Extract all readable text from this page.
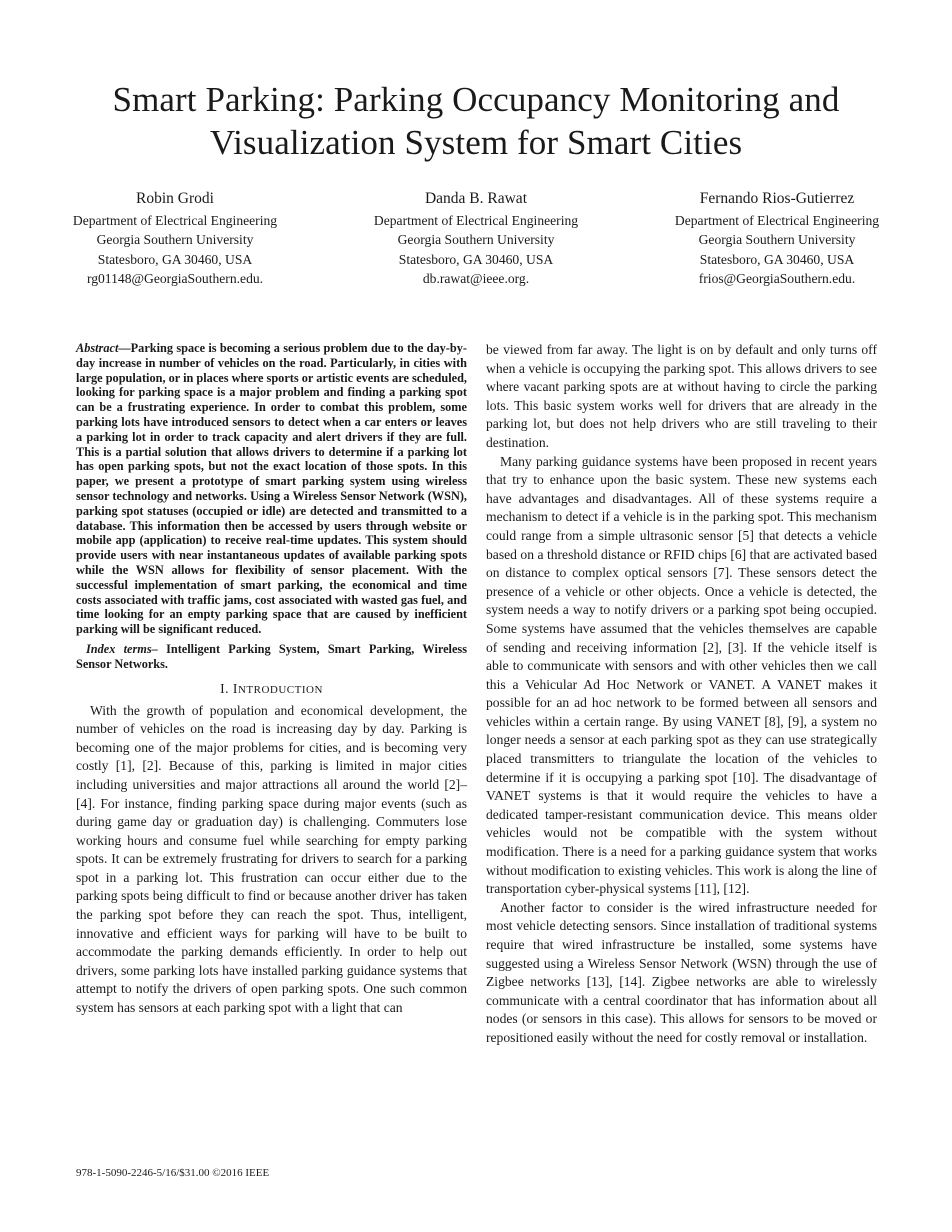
Smart Parking: Parking Occupancy Monitoring and
Visualization System for Smart Cities
Robin Grodi
Department of Electrical Engineering
Georgia Southern University
Statesboro, GA 30460, USA
rg01148@GeorgiaSouthern.edu.
Danda B. Rawat
Department of Electrical Engineering
Georgia Southern University
Statesboro, GA 30460, USA
db.rawat@ieee.org.
Fernando Rios-Gutierrez
Department of Electrical Engineering
Georgia Southern University
Statesboro, GA 30460, USA
frios@GeorgiaSouthern.edu.

Abstract—Parking space is becoming a serious problem due to the day-by-day increase in number of vehicles on the road. Particularly, in cities with large population, or in places where sports or artistic events are scheduled, looking for parking space is a major problem and finding a parking spot can be a frustrating experience. In order to combat this problem, some parking lots have introduced sensors to detect when a car enters or leaves a parking lot in order to track capacity and alert drivers if they are full. This is a partial solution that allows drivers to determine if a parking lot has open parking spots, but not the exact location of those spots. In this paper, we present a prototype of smart parking system using wireless sensor technology and networks. Using a Wireless Sensor Network (WSN), parking spot statuses (occupied or idle) are detected and transmitted to a database. This information then be accessed by users through website or mobile app (application) to receive real-time updates. This system should provide users with near instantaneous updates of available parking spots while the WSN allows for flexibility of sensor placement. With the successful implementation of smart parking, the economical and time costs associated with traffic jams, cost associated with wasted gas fuel, and time looking for an empty parking space that are caused by inefficient parking will be significant reduced.

Index terms– Intelligent Parking System, Smart Parking, Wireless Sensor Networks.

I. INTRODUCTION

With the growth of population and economical development, the number of vehicles on the road is increasing day by day. Parking is becoming one of the major problems for cities, and is becoming very costly [1], [2]. Because of this, parking is limited in major cities including universities and major attractions all around the world [2]–[4]. For instance, finding parking space during major events (such as during game day or graduation day) is challenging. Commuters lose working hours and consume fuel while searching for empty parking spots. It can be extremely frustrating for drivers to search for a parking spot in a parking lot. This frustration can occur either due to the parking spots being difficult to find or because another driver has taken the parking spot before they can reach the spot. Thus, intelligent, innovative and efficient ways for parking will have to be built to accommodate the parking demands efficiently. In order to help out drivers, some parking lots have installed parking guidance systems that attempt to notify the drivers of open parking spots. One such common system has sensors at each parking spot with a light that can

be viewed from far away. The light is on by default and only turns off when a vehicle is occupying the parking spot. This allows drivers to see where vacant parking spots are at without having to circle the parking lots. This basic system works well for drivers that are already in the parking lot, but does not help drivers who are still traveling to their destination.

Many parking guidance systems have been proposed in recent years that try to enhance upon the basic system. These new systems each have advantages and disadvantages. All of these systems require a mechanism to detect if a vehicle is in the parking spot. This mechanism could range from a simple ultrasonic sensor [5] that detects a vehicle based on a threshold distance or RFID chips [6] that are activated based on distance to complex optical sensors [7]. These sensors detect the presence of a vehicle or other objects. Once a vehicle is detected, the system needs a way to notify drivers or a parking spot being occupied. Some systems have assumed that the vehicles themselves are capable of sending and receiving information [2], [3]. If the vehicle itself is able to communicate with sensors and with other vehicles then we call this a Vehicular Ad Hoc Network or VANET. A VANET makes it possible for an ad hoc network to be formed between all sensors and vehicles within a certain range. By using VANET [8], [9], a system no longer needs a sensor at each parking spot as they can use strategically placed transmitters to triangulate the location of the vehicles to determine if it is occupying a parking spot [10]. The disadvantage of VANET systems is that it would require the vehicles to have a dedicated tamper-resistant communication device. This means older vehicles would not be compatible with the system without modification. There is a need for a parking guidance system that works without modification to existing vehicles. This work is along the line of transportation cyber-physical systems [11], [12].

Another factor to consider is the wired infrastructure needed for most vehicle detecting sensors. Since installation of traditional systems require that wired infrastructure be installed, some systems have suggested using a Wireless Sensor Network (WSN) through the use of Zigbee networks [13], [14]. Zigbee networks are able to wirelessly communicate with a central coordinator that has information about all nodes (or sensors in this case). This allows for sensors to be moved or repositioned easily without the need for costly removal or installation.

978-1-5090-2246-5/16/$31.00 ©2016 IEEE
